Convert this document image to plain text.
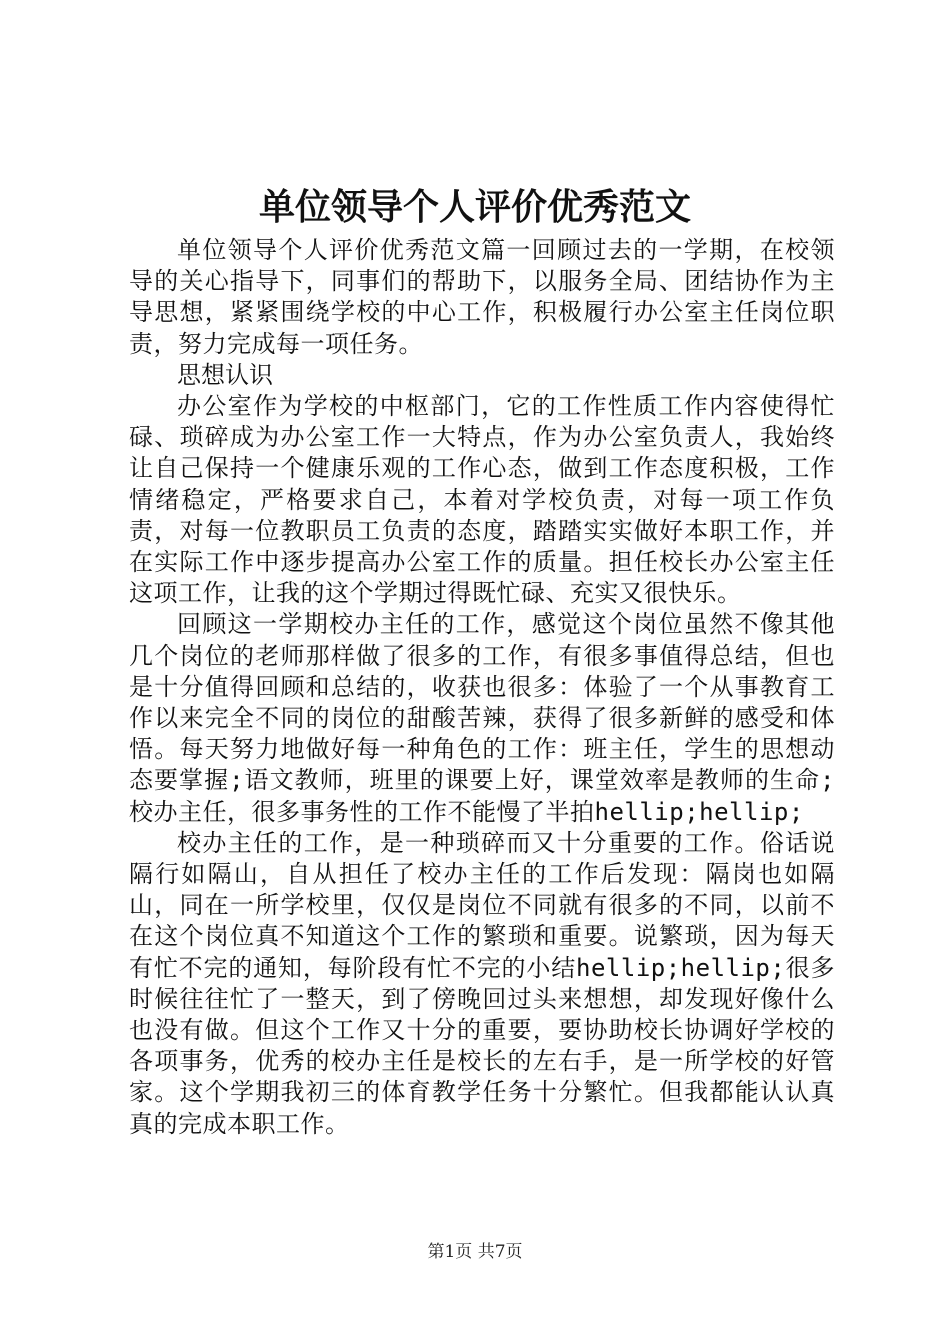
单位领导个人评价优秀范文

单位领导个人评价优秀范文篇一回顾过去的一学期，在校领导的关心指导下，同事们的帮助下，以服务全局、团结协作为主导思想，紧紧围绕学校的中心工作，积极履行办公室主任岗位职责，努力完成每一项任务。

思想认识

办公室作为学校的中枢部门，它的工作性质工作内容使得忙碌、琐碎成为办公室工作一大特点，作为办公室负责人，我始终让自己保持一个健康乐观的工作心态，做到工作态度积极，工作情绪稳定，严格要求自己，本着对学校负责，对每一项工作负责，对每一位教职员工负责的态度，踏踏实实做好本职工作，并在实际工作中逐步提高办公室工作的质量。担任校长办公室主任这项工作，让我的这个学期过得既忙碌、充实又很快乐。

回顾这一学期校办主任的工作，感觉这个岗位虽然不像其他几个岗位的老师那样做了很多的工作，有很多事值得总结，但也是十分值得回顾和总结的，收获也很多：体验了一个从事教育工作以来完全不同的岗位的甜酸苦辣，获得了很多新鲜的感受和体悟。每天努力地做好每一种角色的工作：班主任，学生的思想动态要掌握;语文教师，班里的课要上好，课堂效率是教师的生命;校办主任，很多事务性的工作不能慢了半拍hellip;hellip;

校办主任的工作，是一种琐碎而又十分重要的工作。俗话说隔行如隔山，自从担任了校办主任的工作后发现：隔岗也如隔山，同在一所学校里，仅仅是岗位不同就有很多的不同，以前不在这个岗位真不知道这个工作的繁琐和重要。说繁琐，因为每天有忙不完的通知，每阶段有忙不完的小结hellip;hellip;很多时候往往忙了一整天，到了傍晚回过头来想想，却发现好像什么也没有做。但这个工作又十分的重要，要协助校长协调好学校的各项事务，优秀的校办主任是校长的左右手，是一所学校的好管家。这个学期我初三的体育教学任务十分繁忙。但我都能认认真真的完成本职工作。

第1页 共7页
